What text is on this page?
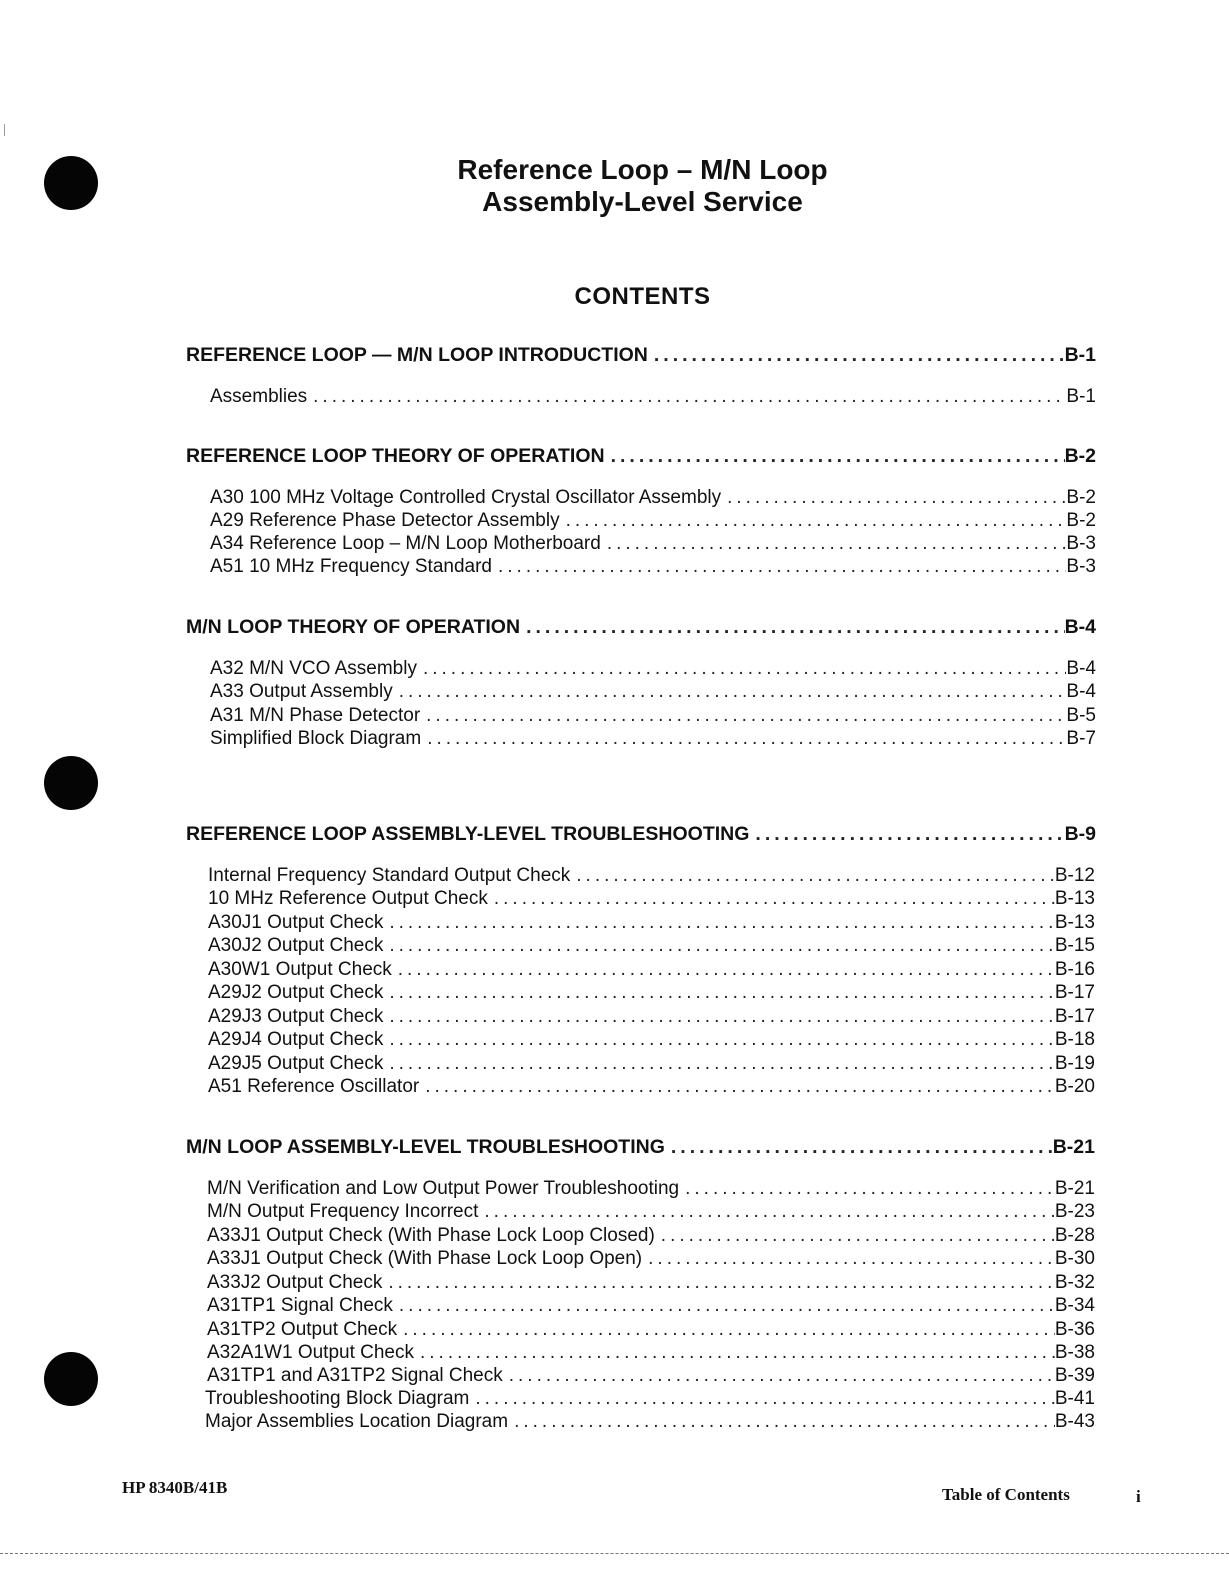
Reference Loop – M/N Loop
Assembly-Level Service
CONTENTS
REFERENCE LOOP — M/N LOOP INTRODUCTION .....	B-1
Assemblies .....	B-1
REFERENCE LOOP THEORY OF OPERATION .....	B-2
A30 100 MHz Voltage Controlled Crystal Oscillator Assembly .....	B-2
A29 Reference Phase Detector Assembly .....	B-2
A34 Reference Loop – M/N Loop Motherboard .....	B-3
A51 10 MHz Frequency Standard .....	B-3
M/N LOOP THEORY OF OPERATION .....	B-4
A32 M/N VCO Assembly .....	B-4
A33 Output Assembly .....	B-4
A31 M/N Phase Detector .....	B-5
Simplified Block Diagram .....	B-7
REFERENCE LOOP ASSEMBLY-LEVEL TROUBLESHOOTING .....	B-9
Internal Frequency Standard Output Check .....	B-12
10 MHz Reference Output Check .....	B-13
A30J1 Output Check .....	B-13
A30J2 Output Check .....	B-15
A30W1 Output Check .....	B-16
A29J2 Output Check .....	B-17
A29J3 Output Check .....	B-17
A29J4 Output Check .....	B-18
A29J5 Output Check .....	B-19
A51 Reference Oscillator .....	B-20
M/N LOOP ASSEMBLY-LEVEL TROUBLESHOOTING .....	B-21
M/N Verification and Low Output Power Troubleshooting .....	B-21
M/N Output Frequency Incorrect .....	B-23
A33J1 Output Check (With Phase Lock Loop Closed) .....	B-28
A33J1 Output Check (With Phase Lock Loop Open) .....	B-30
A33J2 Output Check .....	B-32
A31TP1 Signal Check .....	B-34
A31TP2 Output Check .....	B-36
A32A1W1 Output Check .....	B-38
A31TP1 and A31TP2 Signal Check .....	B-39
Troubleshooting Block Diagram .....	B-41
Major Assemblies Location Diagram .....	B-43
HP 8340B/41B	Table of Contents	i
